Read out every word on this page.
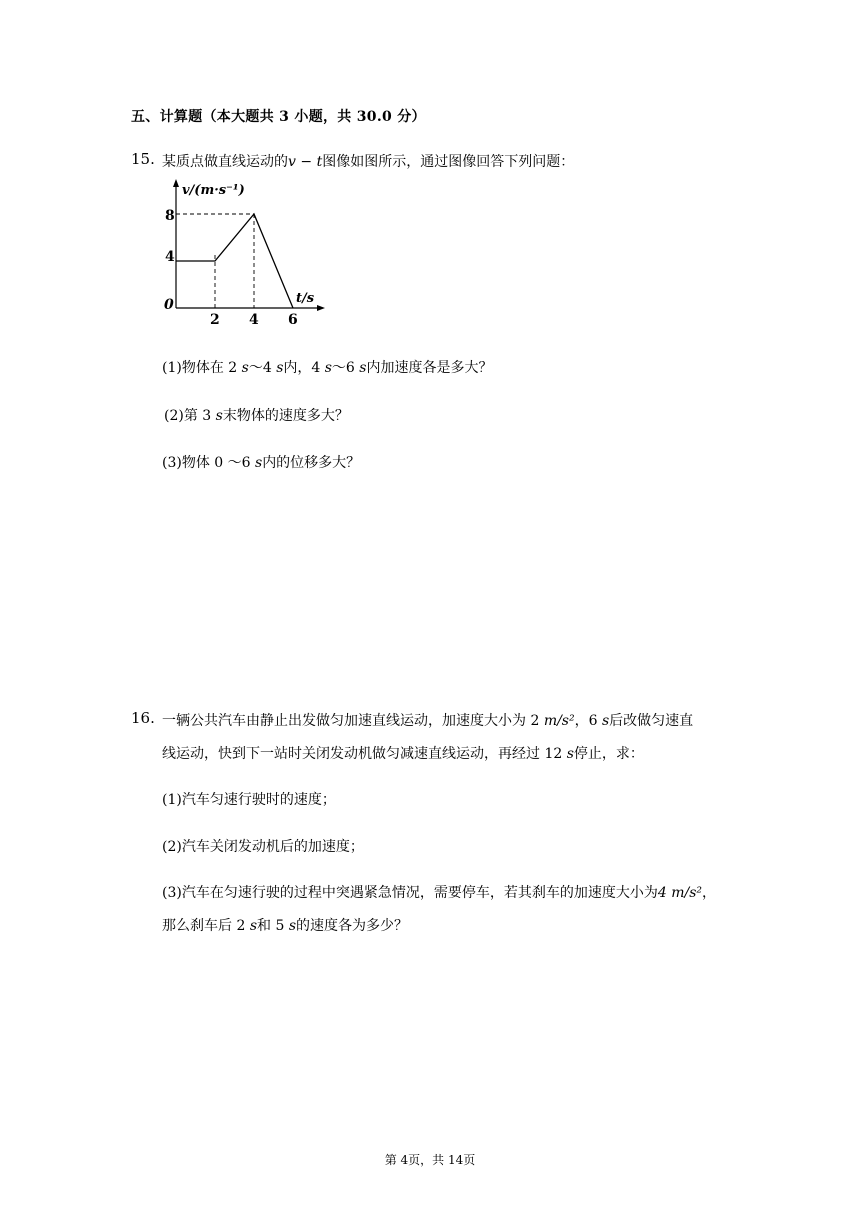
五、计算题（本大题共 3 小题，共 30.0 分）
15. 某质点做直线运动的v − t图像如图所示，通过图像回答下列问题：
v/(m·s⁻¹)
t/s
0
8
4
2 4 6
(1)物体在 2 s～4 s内，4 s～6 s内加速度各是多大？
(2)第 3 s末物体的速度多大？
(3)物体 0 ～6 s内的位移多大？
16. 一辆公共汽车由静止出发做匀加速直线运动，加速度大小为 2 m/s²，6 s后改做匀速直
线运动，快到下一站时关闭发动机做匀减速直线运动，再经过 12 s停止，求：
(1)汽车匀速行驶时的速度；
(2)汽车关闭发动机后的加速度；
(3)汽车在匀速行驶的过程中突遇紧急情况，需要停车，若其刹车的加速度大小为4 m/s²，
那么刹车后 2 s和 5 s的速度各为多少？
第 4页，共 14页
